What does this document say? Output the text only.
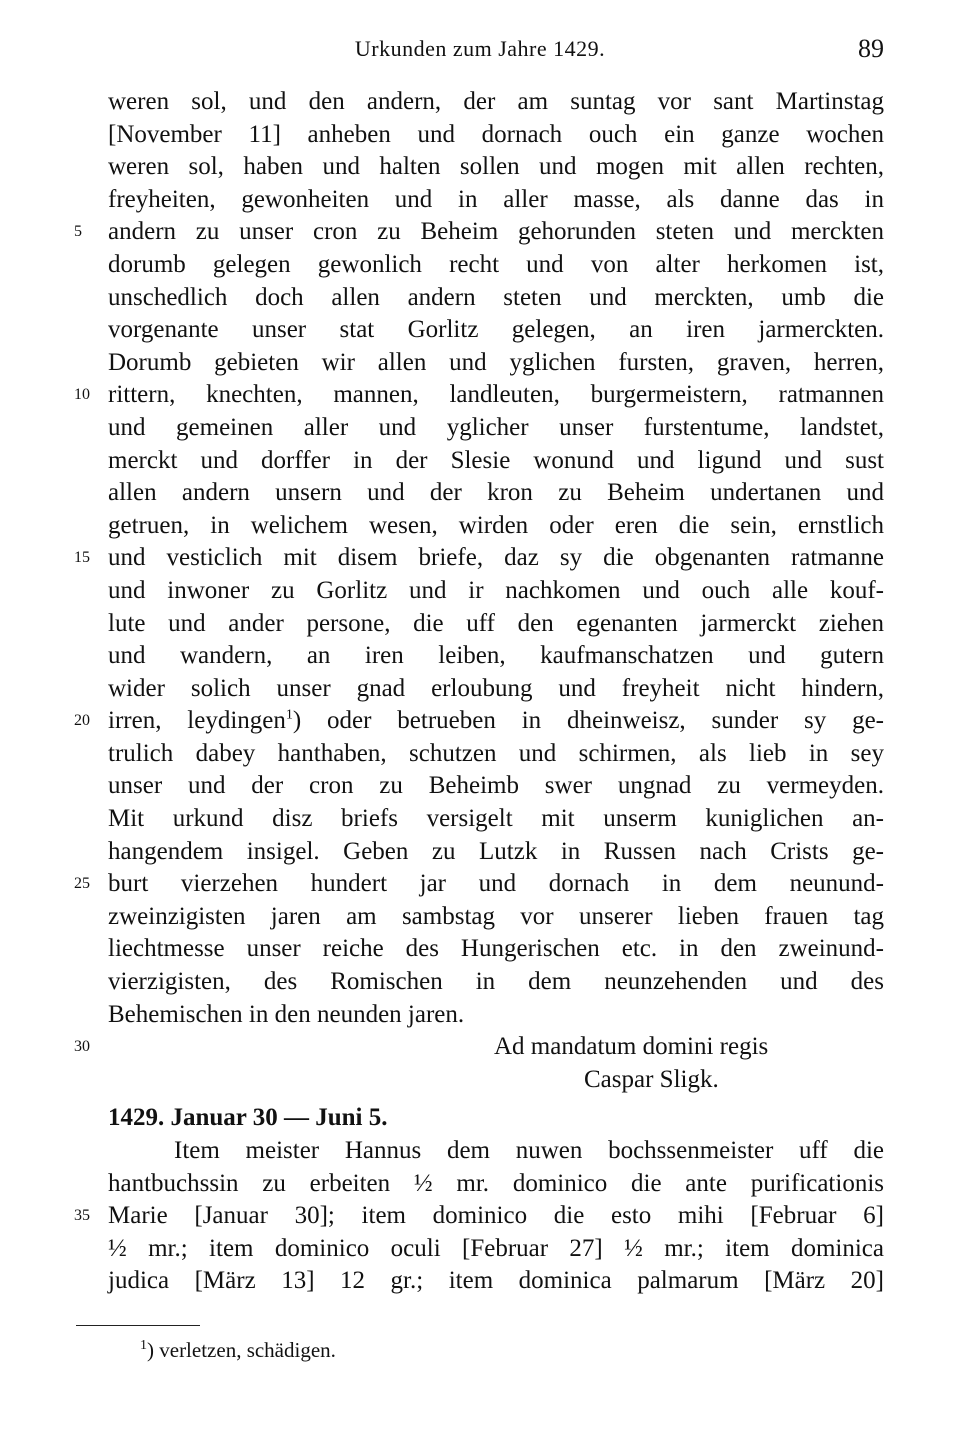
Urkunden zum Jahre 1429.	89
weren sol, und den andern, der am suntag vor sant Martinstag
[November 11] anheben und dornach ouch ein ganze wochen
weren sol, haben und halten sollen und mogen mit allen rechten,
freyheiten, gewonheiten und in aller masse, als danne das in
5	andern zu unser cron zu Beheim gehorunden steten und merckten
dorumb gelegen gewonlich recht und von alter herkomen ist,
unschedlich doch allen andern steten und merckten, umb die
vorgenante unser stat Gorlitz gelegen, an iren jarmerckten.
Dorumb gebieten wir allen und yglichen fursten, graven, herren,
10 rittern, knechten, mannen, landleuten, burgermeistern, ratmannen
und gemeinen aller und yglicher unser furstentume, landstet,
merckt und dorffer in der Slesie wonund und ligund und sust
allen andern unsern und der kron zu Beheim undertanen und
getruen, in welichem wesen, wirden oder eren die sein, ernstlich
15 und vesticlich mit disem briefe, daz sy die obgenanten ratmanne
und inwoner zu Gorlitz und ir nachkomen und ouch alle kouf-
lute und ander persone, die uff den egenanten jarmerckt ziehen
und wandern, an iren leiben, kaufmanschatzen und gutern
wider solich unser gnad erloubung und freyheit nicht hindern,
20 irren, leydingen$^1$) oder betrueben in dheinweisz, sunder sy ge-
trulich dabey hanthaben, schutzen und schirmen, als lieb in sey
unser und der cron zu Beheimb swer ungnad zu vermeyden.
Mit urkund disz briefs versigelt mit unserm kuniglichen an-
hangendem insigel. Geben zu Lutzk in Russen nach Crists ge-
25 burt vierzehen hundert jar und dornach in dem neunund-
zweinzigisten jaren am sambstag vor unserer lieben frauen tag
liechtmesse unser reiche des Hungerischen etc. in den zweinund-
vierzigisten, des Romischen in dem neunzehenden und des
Behemischen in den neunden jaren.
30	Ad mandatum domini regis
Caspar Sligk.
1429. Januar 30 — Juni 5.
Item meister Hannus dem nuwen bochssenmeister uff die
hantbuchssin zu erbeiten ½ mr. dominico die ante purificationis
35 Marie [Januar 30]; item dominico die esto mihi [Februar 6]
½ mr.; item dominico oculi [Februar 27] ½ mr.; item dominica
judica [März 13] 12 gr.; item dominica palmarum [März 20]
$^1$) verletzen, schädigen.
